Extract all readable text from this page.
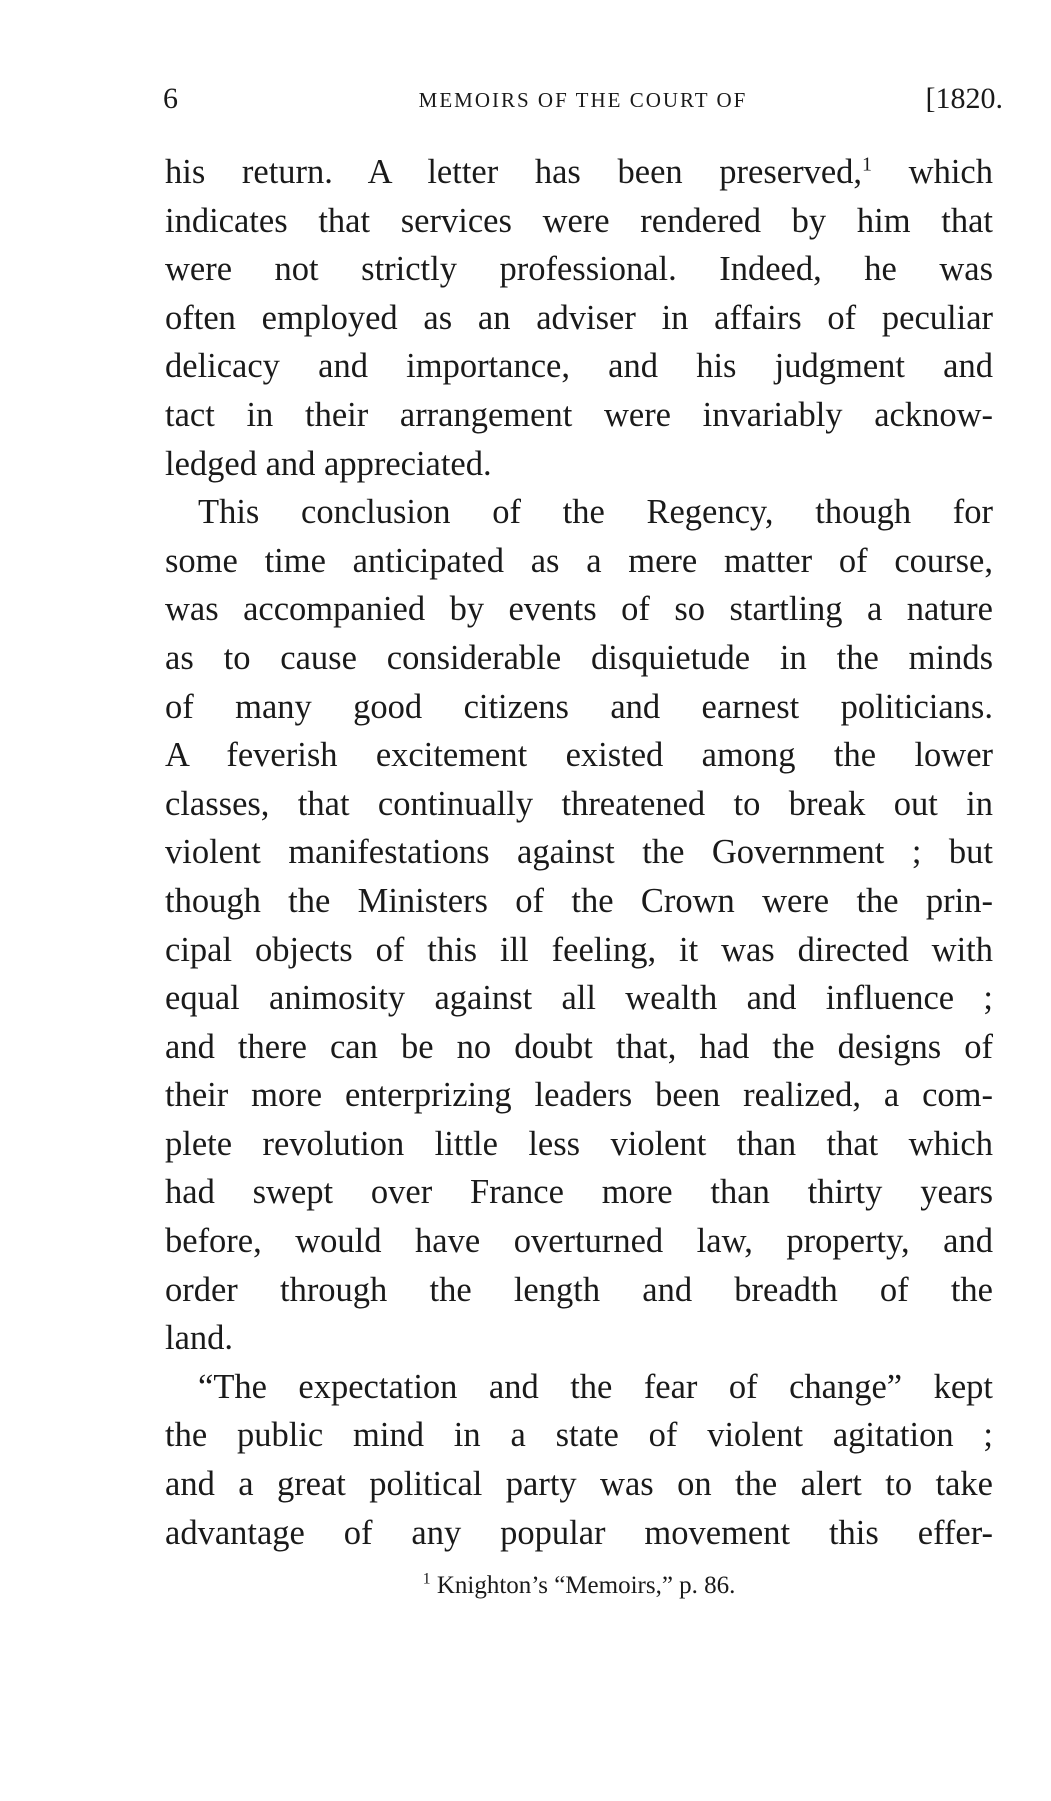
6	MEMOIRS OF THE COURT OF	[1820.
his return. A letter has been preserved,$^1$ which
indicates that services were rendered by him that
were not strictly professional. Indeed, he was
often employed as an adviser in affairs of peculiar
delicacy and importance, and his judgment and
tact in their arrangement were invariably acknow-
ledged and appreciated.
This conclusion of the Regency, though for
some time anticipated as a mere matter of course,
was accompanied by events of so startling a nature
as to cause considerable disquietude in the minds
of many good citizens and earnest politicians.
A feverish excitement existed among the lower
classes, that continually threatened to break out in
violent manifestations against the Government ; but
though the Ministers of the Crown were the prin-
cipal objects of this ill feeling, it was directed with
equal animosity against all wealth and influence ;
and there can be no doubt that, had the designs of
their more enterprizing leaders been realized, a com-
plete revolution little less violent than that which
had swept over France more than thirty years
before, would have overturned law, property, and
order through the length and breadth of the
land.
“The expectation and the fear of change” kept
the public mind in a state of violent agitation ;
and a great political party was on the alert to take
advantage of any popular movement this effer-
$^1$ Knighton’s “Memoirs,” p. 86.
